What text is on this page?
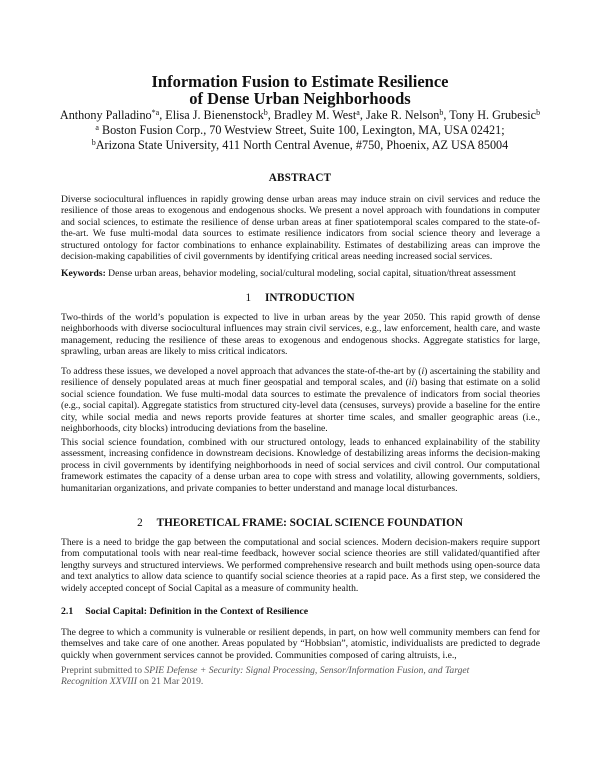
Information Fusion to Estimate Resilience
of Dense Urban Neighborhoods
Anthony Palladino$^{*a}$, Elisa J. Bienenstock$^b$, Bradley M. West$^a$, Jake R. Nelson$^b$, Tony H. Grubesic$^b$
$^a$ Boston Fusion Corp., 70 Westview Street, Suite 100, Lexington, MA, USA 02421;
$^b$Arizona State University, 411 North Central Avenue, #750, Phoenix, AZ USA 85004
ABSTRACT

Diverse sociocultural influences in rapidly growing dense urban areas may induce strain on civil services and reduce the resilience of those areas to exogenous and endogenous shocks. We present a novel approach with foundations in computer and social sciences, to estimate the resilience of dense urban areas at finer spatiotemporal scales compared to the state-of-the-art. We fuse multi-modal data sources to estimate resilience indicators from social science theory and leverage a structured ontology for factor combinations to enhance explainability. Estimates of destabilizing areas can improve the decision-making capabilities of civil governments by identifying critical areas needing increased social services.

Keywords: Dense urban areas, behavior modeling, social/cultural modeling, social capital, situation/threat assessment

1 INTRODUCTION

Two-thirds of the world’s population is expected to live in urban areas by the year 2050. This rapid growth of dense neighborhoods with diverse sociocultural influences may strain civil services, e.g., law enforcement, health care, and waste management, reducing the resilience of these areas to exogenous and endogenous shocks. Aggregate statistics for large, sprawling, urban areas are likely to miss critical indicators.

To address these issues, we developed a novel approach that advances the state-of-the-art by (i) ascertaining the stability and resilience of densely populated areas at much finer geospatial and temporal scales, and (ii) basing that estimate on a solid social science foundation. We fuse multi-modal data sources to estimate the prevalence of indicators from social theories (e.g., social capital). Aggregate statistics from structured city-level data (censuses, surveys) provide a baseline for the entire city, while social media and news reports provide features at shorter time scales, and smaller geographic areas (i.e., neighborhoods, city blocks) introducing deviations from the baseline.

This social science foundation, combined with our structured ontology, leads to enhanced explainability of the stability assessment, increasing confidence in downstream decisions. Knowledge of destabilizing areas informs the decision-making process in civil governments by identifying neighborhoods in need of social services and civil control. Our computational framework estimates the capacity of a dense urban area to cope with stress and volatility, allowing governments, soldiers, humanitarian organizations, and private companies to better understand and manage local disturbances.

2 THEORETICAL FRAME: SOCIAL SCIENCE FOUNDATION

There is a need to bridge the gap between the computational and social sciences. Modern decision-makers require support from computational tools with near real-time feedback, however social science theories are still validated/quantified after lengthy surveys and structured interviews. We performed comprehensive research and built methods using open-source data and text analytics to allow data science to quantify social science theories at a rapid pace. As a first step, we considered the widely accepted concept of Social Capital as a measure of community health.

2.1 Social Capital: Definition in the Context of Resilience

The degree to which a community is vulnerable or resilient depends, in part, on how well community members can fend for themselves and take care of one another. Areas populated by “Hobbsian”, atomistic, individualists are predicted to degrade quickly when government services cannot be provided. Communities composed of caring altruists, i.e.,

Preprint submitted to SPIE Defense + Security: Signal Processing, Sensor/Information Fusion, and Target Recognition XXVIII on 21 Mar 2019.
